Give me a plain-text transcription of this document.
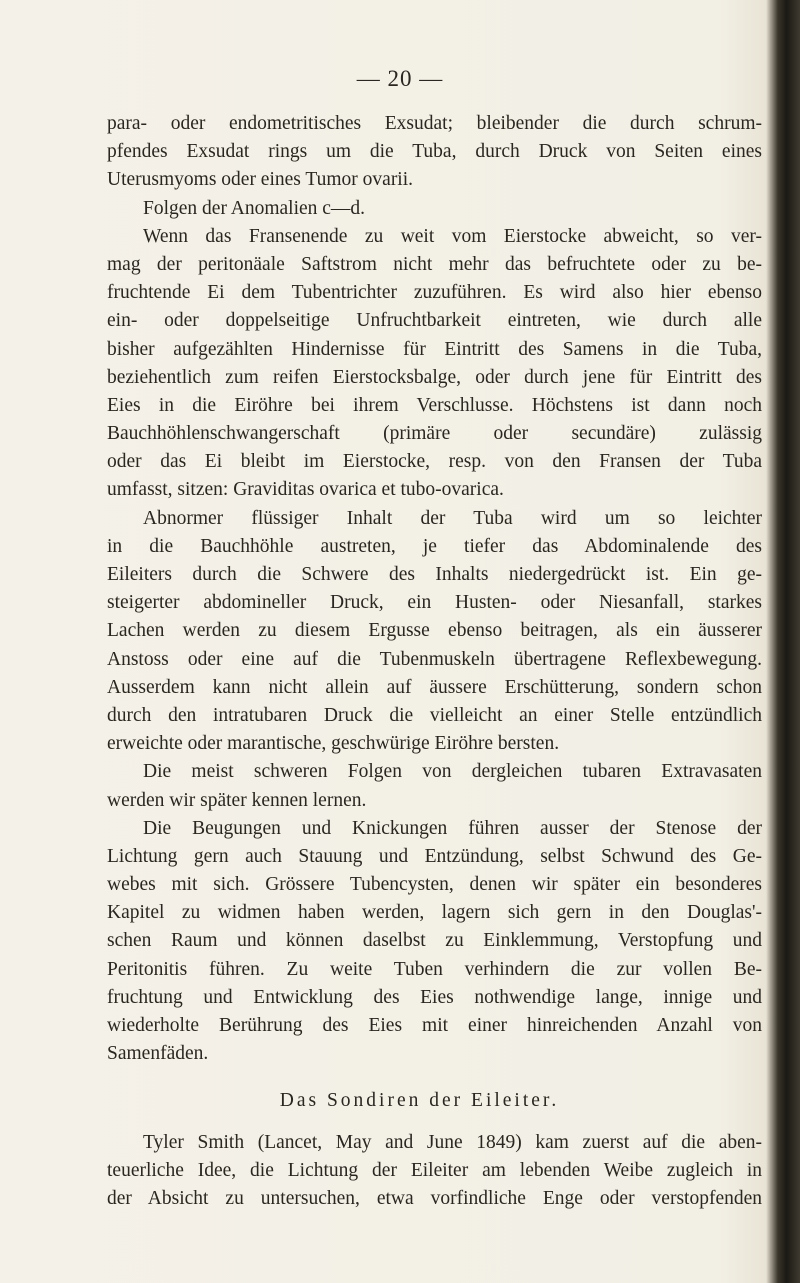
— 20 —
para- oder endometritisches Exsudat; bleibender die durch schrum-
pfendes Exsudat rings um die Tuba, durch Druck von Seiten eines
Uterusmyoms oder eines Tumor ovarii.
Folgen der Anomalien c—d.
Wenn das Fransenende zu weit vom Eierstocke abweicht, so ver-
mag der peritonäale Saftstrom nicht mehr das befruchtete oder zu be-
fruchtende Ei dem Tubentrichter zuzuführen. Es wird also hier ebenso
ein- oder doppelseitige Unfruchtbarkeit eintreten, wie durch alle
bisher aufgezählten Hindernisse für Eintritt des Samens in die Tuba,
beziehentlich zum reifen Eierstocksbalge, oder durch jene für Eintritt des
Eies in die Eiröhre bei ihrem Verschlusse. Höchstens ist dann noch
Bauchhöhlenschwangerschaft (primäre oder secundäre) zulässig
oder das Ei bleibt im Eierstocke, resp. von den Fransen der Tuba
umfasst, sitzen: Graviditas ovarica et tubo-ovarica.
Abnormer flüssiger Inhalt der Tuba wird um so leichter
in die Bauchhöhle austreten, je tiefer das Abdominalende des
Eileiters durch die Schwere des Inhalts niedergedrückt ist. Ein ge-
steigerter abdomineller Druck, ein Husten- oder Niesanfall, starkes
Lachen werden zu diesem Ergusse ebenso beitragen, als ein äusserer
Anstoss oder eine auf die Tubenmuskeln übertragene Reflexbewegung.
Ausserdem kann nicht allein auf äussere Erschütterung, sondern schon
durch den intratubaren Druck die vielleicht an einer Stelle entzündlich
erweichte oder marantische, geschwürige Eiröhre bersten.
Die meist schweren Folgen von dergleichen tubaren Extravasaten
werden wir später kennen lernen.
Die Beugungen und Knickungen führen ausser der Stenose der
Lichtung gern auch Stauung und Entzündung, selbst Schwund des Ge-
webes mit sich. Grössere Tubencysten, denen wir später ein besonderes
Kapitel zu widmen haben werden, lagern sich gern in den Douglas'-
schen Raum und können daselbst zu Einklemmung, Verstopfung und
Peritonitis führen. Zu weite Tuben verhindern die zur vollen Be-
fruchtung und Entwicklung des Eies nothwendige lange, innige und
wiederholte Berührung des Eies mit einer hinreichenden Anzahl von
Samenfäden.
Das Sondiren der Eileiter.
Tyler Smith (Lancet, May and June 1849) kam zuerst auf die aben-
teuerliche Idee, die Lichtung der Eileiter am lebenden Weibe zugleich in
der Absicht zu untersuchen, etwa vorfindliche Enge oder verstopfenden
